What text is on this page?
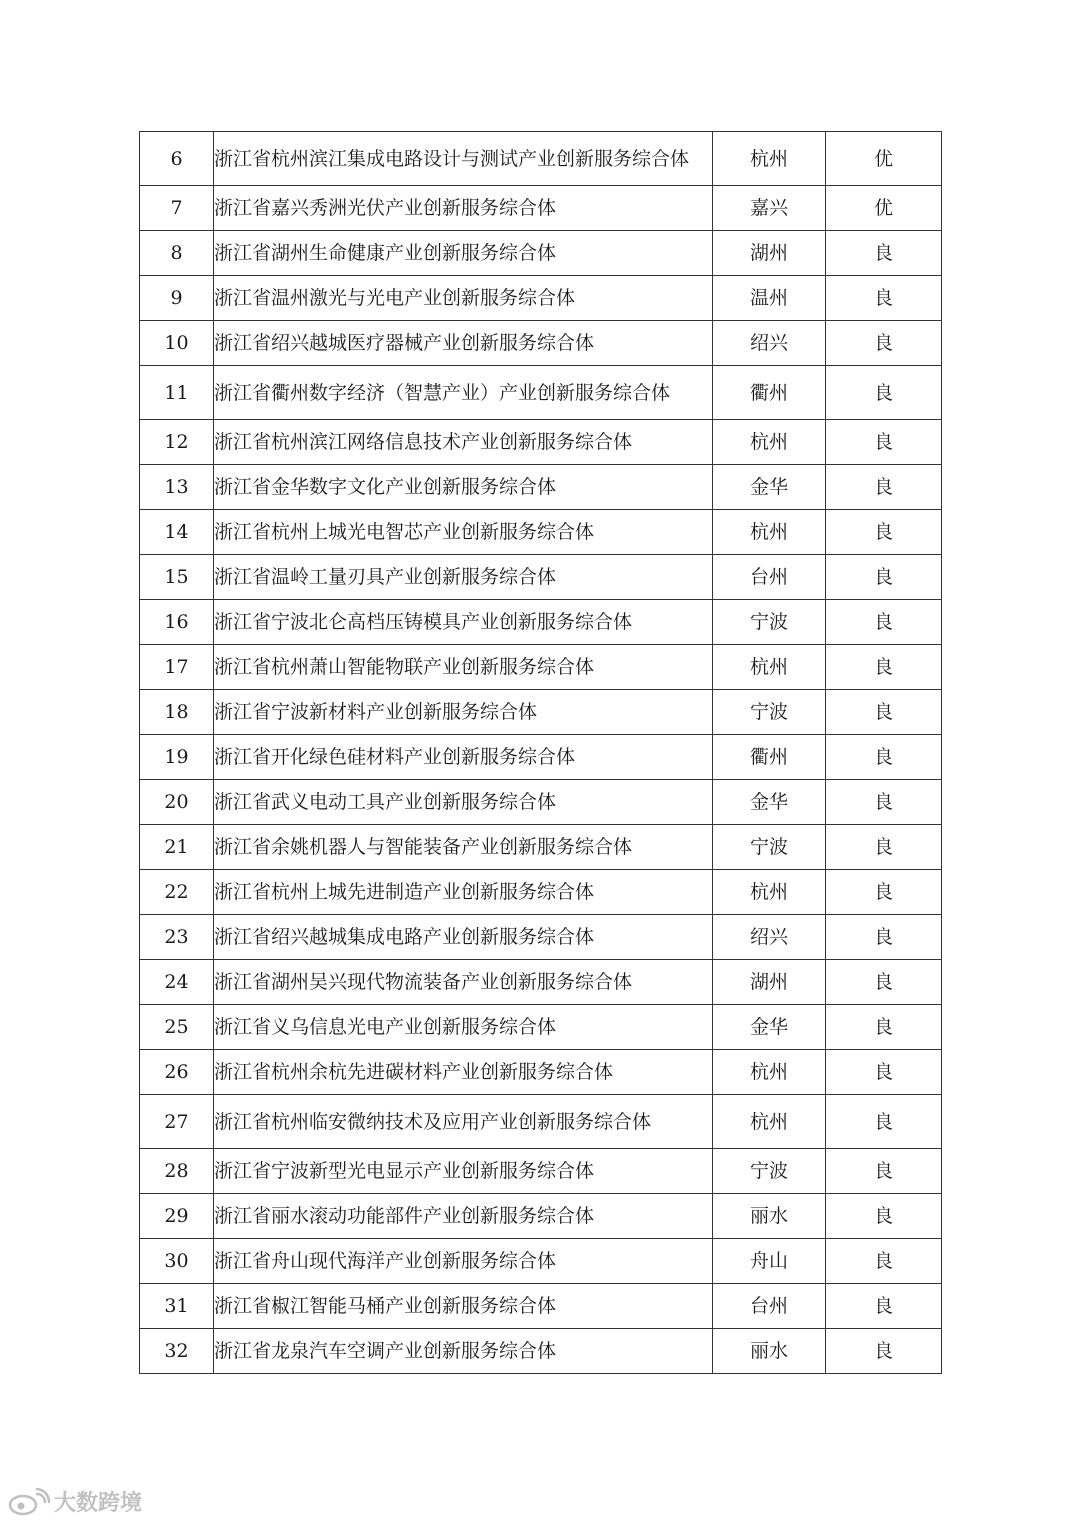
6	浙江省杭州滨江集成电路设计与测试产业创新服务综合体	杭州	优
7	浙江省嘉兴秀洲光伏产业创新服务综合体	嘉兴	优
8	浙江省湖州生命健康产业创新服务综合体	湖州	良
9	浙江省温州激光与光电产业创新服务综合体	温州	良
10	浙江省绍兴越城医疗器械产业创新服务综合体	绍兴	良
11	浙江省衢州数字经济（智慧产业）产业创新服务综合体	衢州	良
12	浙江省杭州滨江网络信息技术产业创新服务综合体	杭州	良
13	浙江省金华数字文化产业创新服务综合体	金华	良
14	浙江省杭州上城光电智芯产业创新服务综合体	杭州	良
15	浙江省温岭工量刃具产业创新服务综合体	台州	良
16	浙江省宁波北仑高档压铸模具产业创新服务综合体	宁波	良
17	浙江省杭州萧山智能物联产业创新服务综合体	杭州	良
18	浙江省宁波新材料产业创新服务综合体	宁波	良
19	浙江省开化绿色硅材料产业创新服务综合体	衢州	良
20	浙江省武义电动工具产业创新服务综合体	金华	良
21	浙江省余姚机器人与智能装备产业创新服务综合体	宁波	良
22	浙江省杭州上城先进制造产业创新服务综合体	杭州	良
23	浙江省绍兴越城集成电路产业创新服务综合体	绍兴	良
24	浙江省湖州吴兴现代物流装备产业创新服务综合体	湖州	良
25	浙江省义乌信息光电产业创新服务综合体	金华	良
26	浙江省杭州余杭先进碳材料产业创新服务综合体	杭州	良
27	浙江省杭州临安微纳技术及应用产业创新服务综合体	杭州	良
28	浙江省宁波新型光电显示产业创新服务综合体	宁波	良
29	浙江省丽水滚动功能部件产业创新服务综合体	丽水	良
30	浙江省舟山现代海洋产业创新服务综合体	舟山	良
31	浙江省椒江智能马桶产业创新服务综合体	台州	良
32	浙江省龙泉汽车空调产业创新服务综合体	丽水	良
大数跨境
